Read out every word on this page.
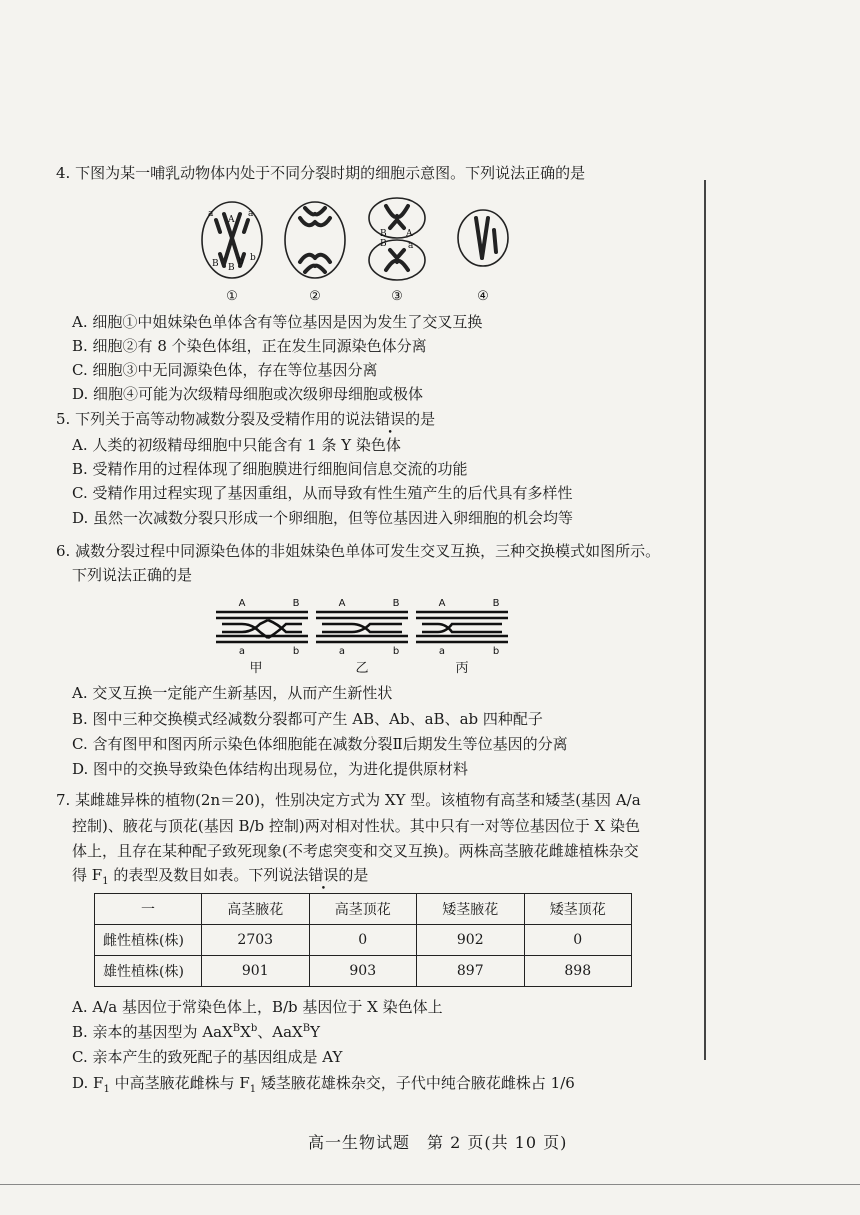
4. 下图为某一哺乳动物体内处于不同分裂时期的细胞示意图。下列说法正确的是
a
A
a
B B
b b
B
B
A
a
①	②	③	④
A. 细胞①中姐妹染色单体含有等位基因是因为发生了交叉互换
B. 细胞②有 8 个染色体组，正在发生同源染色体分离
C. 细胞③中无同源染色体，存在等位基因分离
D. 细胞④可能为次级精母细胞或次级卵母细胞或极体
5. 下列关于高等动物减数分裂及受精作用的说法错误的是
A. 人类的初级精母细胞中只能含有 1 条 Y 染色体
B. 受精作用的过程体现了细胞膜进行细胞间信息交流的功能
C. 受精作用过程实现了基因重组，从而导致有性生殖产生的后代具有多样性
D. 虽然一次减数分裂只形成一个卵细胞，但等位基因进入卵细胞的机会均等
6. 减数分裂过程中同源染色体的非姐妹染色单体可发生交叉互换，三种交换模式如图所示。
下列说法正确的是
A	B	A	B	A	B
a	b	a	b	a	b
甲	乙	丙
A. 交叉互换一定能产生新基因，从而产生新性状
B. 图中三种交换模式经减数分裂都可产生 AB、Ab、aB、ab 四种配子
C. 含有图甲和图丙所示染色体细胞能在减数分裂Ⅱ后期发生等位基因的分离
D. 图中的交换导致染色体结构出现易位，为进化提供原材料
7. 某雌雄异株的植物(2n＝20)，性别决定方式为 XY 型。该植物有高茎和矮茎(基因 A/a
控制)、腋花与顶花(基因 B/b 控制)两对相对性状。其中只有一对等位基因位于 X 染色
体上，且存在某种配子致死现象(不考虑突变和交叉互换)。两株高茎腋花雌雄植株杂交
得 $F_1$ 的表型及数目如表。下列说法错误的是
一	高茎腋花	高茎顶花	矮茎腋花	矮茎顶花
雌性植株(株)	2703	0	902	0
雄性植株(株)	901	903	897	898
A. A/a 基因位于常染色体上，B/b 基因位于 X 染色体上
B. 亲本的基因型为 $AaX^BX^b$、AaX$^B$Y
C. 亲本产生的致死配子的基因组成是 AY
D. $F_1$ 中高茎腋花雌株与 $F_1$ 矮茎腋花雄株杂交，子代中纯合腋花雌株占 1/6
高一生物试题　第 2 页(共 10 页)
